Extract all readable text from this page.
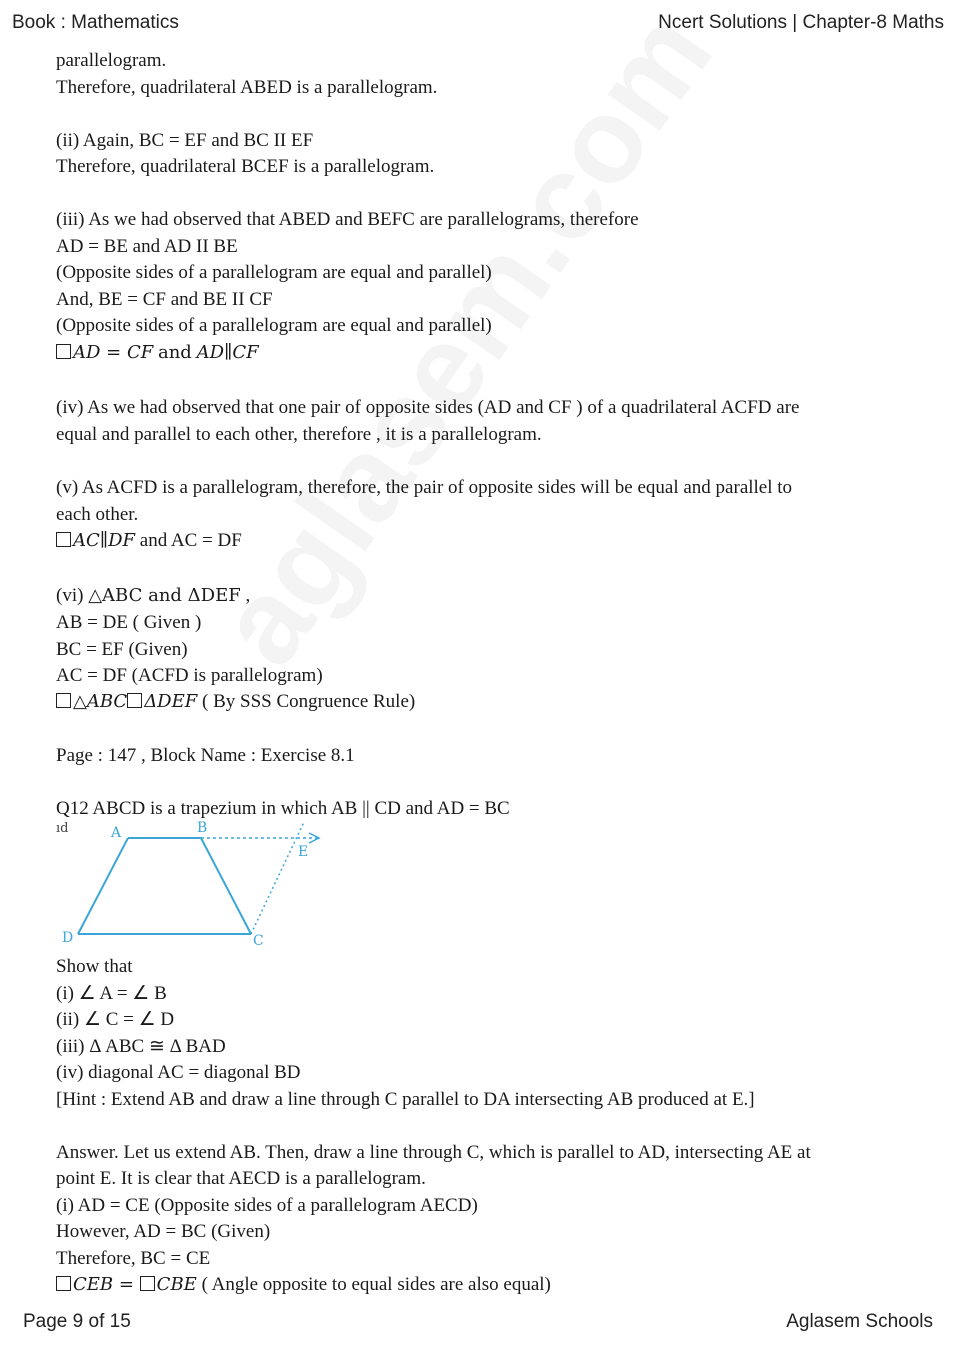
Book : Mathematics	Ncert Solutions | Chapter-8 Maths
parallelogram.
Therefore, quadrilateral ABED is a parallelogram.
(ii) Again, BC = EF and BC II EF
Therefore, quadrilateral BCEF is a parallelogram.
(iii) As we had observed that ABED and BEFC are parallelograms, therefore
AD = BE and AD II BE
(Opposite sides of a parallelogram are equal and parallel)
And, BE = CF and BE II CF
(Opposite sides of a parallelogram are equal and parallel)
AD = CF and AD∥CF
(iv) As we had observed that one pair of opposite sides (AD and CF ) of a quadrilateral ACFD are
equal and parallel to each other, therefore , it is a parallelogram.
(v) As ACFD is a parallelogram, therefore, the pair of opposite sides will be equal and parallel to
each other.
AC∥DF and AC = DF
(vi) △ABC and ΔDEF ,
AB = DE ( Given )
BC = EF (Given)
AC = DF (ACFD is parallelogram)
△ABC ΔDEF ( By SSS Congruence Rule)
Page : 147 , Block Name : Exercise 8.1
Q12 ABCD is a trapezium in which AB || CD and AD = BC
ıd	A	B
E
D	C
Show that
(i) ∠ A = ∠ B
(ii) ∠ C = ∠ D
(iii) Δ ABC ≅ Δ BAD
(iv) diagonal AC = diagonal BD
[Hint : Extend AB and draw a line through C parallel to DA intersecting AB produced at E.]
Answer. Let us extend AB. Then, draw a line through C, which is parallel to AD, intersecting AE at
point E. It is clear that AECD is a parallelogram.
(i) AD = CE (Opposite sides of a parallelogram AECD)
However, AD = BC (Given)
Therefore, BC = CE
CEB = CBE ( Angle opposite to equal sides are also equal)
Page 9 of 15	Aglasem Schools
